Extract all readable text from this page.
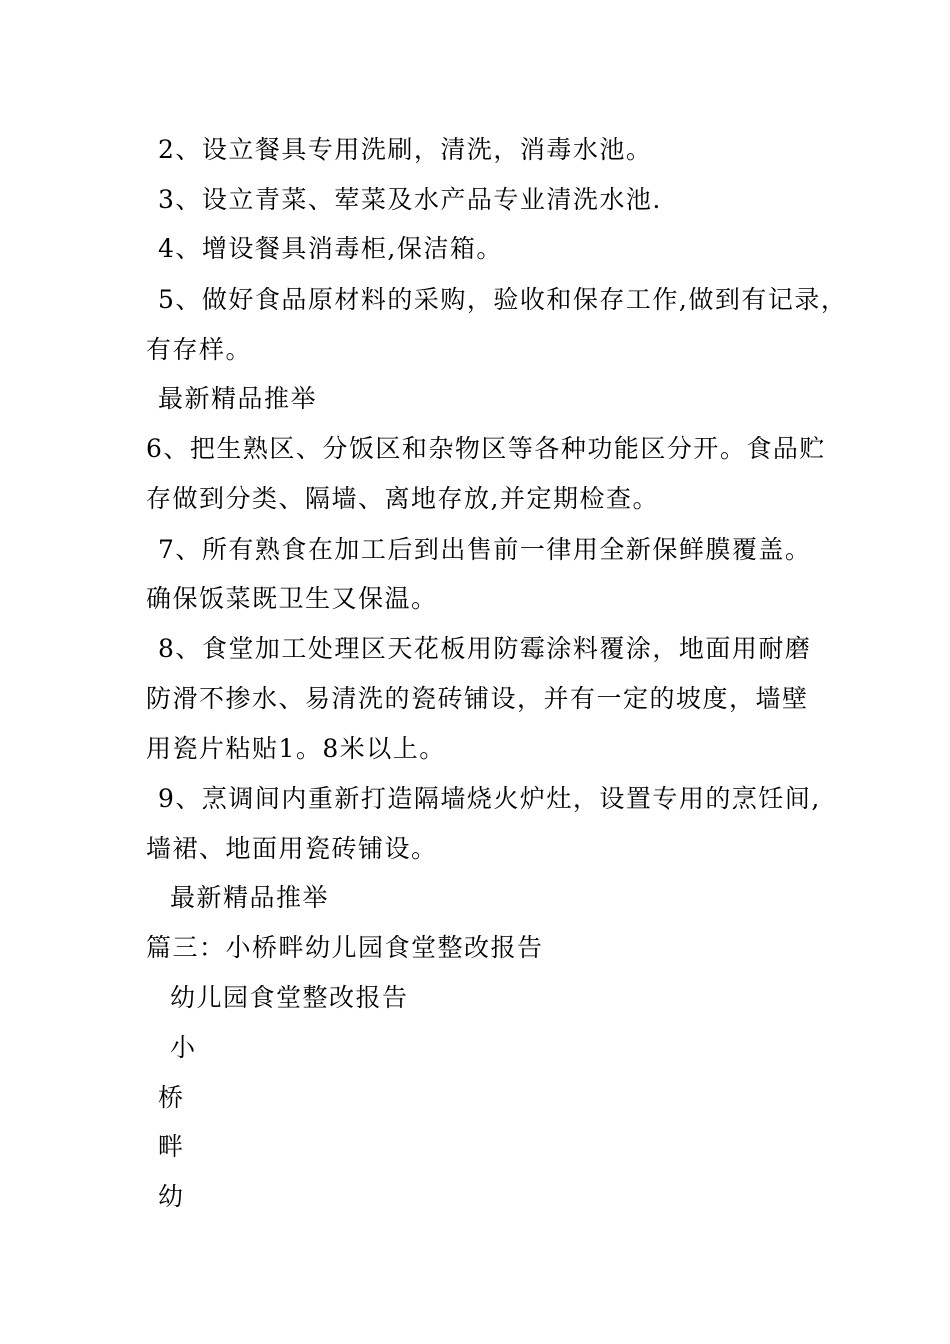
2、设立餐具专用洗刷，清洗，消毒水池。
3、设立青菜、荤菜及水产品专业清洗水池.
4、增设餐具消毒柜,保洁箱。
5、做好食品原材料的采购，验收和保存工作,做到有记录，
有存样。
最新精品推举
6、把生熟区、分饭区和杂物区等各种功能区分开。食品贮
存做到分类、隔墙、离地存放,并定期检查。
7、所有熟食在加工后到出售前一律用全新保鲜膜覆盖。
确保饭菜既卫生又保温。
8、食堂加工处理区天花板用防霉涂料覆涂，地面用耐磨
防滑不掺水、易清洗的瓷砖铺设，并有一定的坡度，墙壁
用瓷片粘贴1。8米以上。
9、烹调间内重新打造隔墙烧火炉灶，设置专用的烹饪间,
墙裙、地面用瓷砖铺设。
最新精品推举
篇三：小桥畔幼儿园食堂整改报告
幼儿园食堂整改报告
小
桥
畔
幼
